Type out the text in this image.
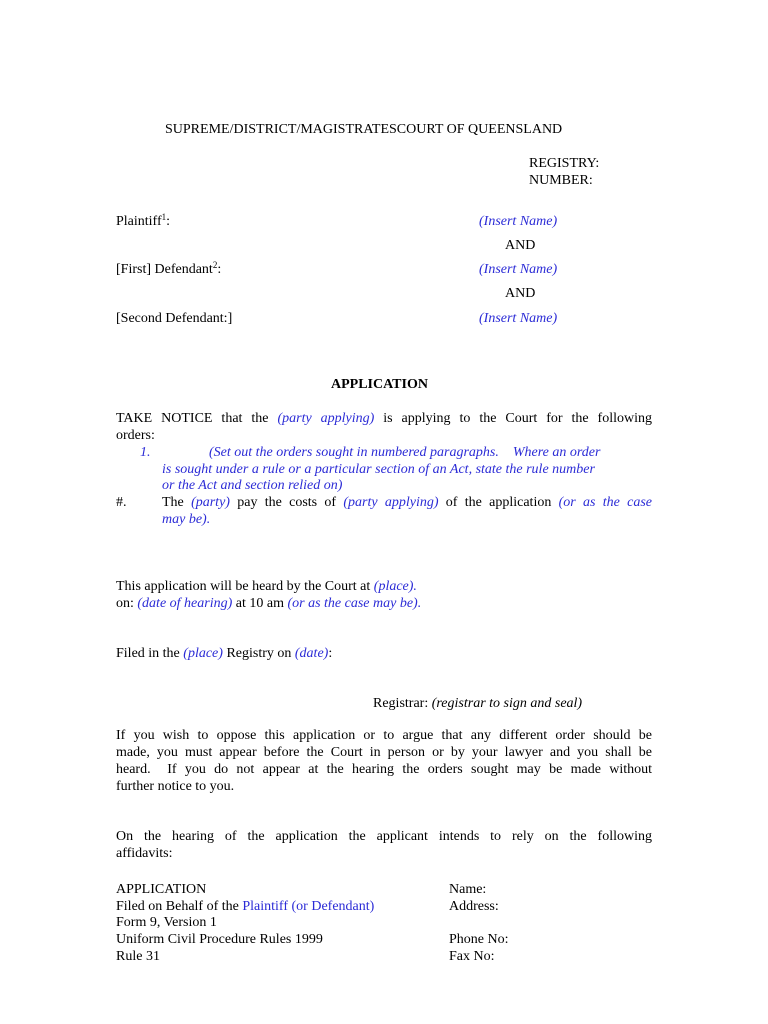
SUPREME/DISTRICT/MAGISTRATESCOURT OF QUEENSLAND
REGISTRY:
NUMBER:
Plaintiff$^1$:	(Insert Name)
AND
[First] Defendant$^2$:	(Insert Name)
AND
[Second Defendant:]	(Insert Name)
APPLICATION
TAKE NOTICE that the (party applying) is applying to the Court for the following
orders:
1.	(Set out the orders sought in numbered paragraphs.    Where an order
is sought under a rule or a particular section of an Act, state the rule number
or the Act and section relied on)
#.	The (party) pay the costs of (party applying) of the application (or as the case
may be).
This application will be heard by the Court at (place).
on: (date of hearing) at 10 am (or as the case may be).
Filed in the (place) Registry on (date):
Registrar: (registrar to sign and seal)
If you wish to oppose this application or to argue that any different order should be
made, you must appear before the Court in person or by your lawyer and you shall be
heard.  If you do not appear at the hearing the orders sought may be made without
further notice to you.
On the hearing of the application the applicant intends to rely on the following
affidavits:
APPLICATION
Filed on Behalf of the Plaintiff (or Defendant)
Form 9, Version 1
Uniform Civil Procedure Rules 1999
Rule 31
Name:
Address:
Phone No:
Fax No:
